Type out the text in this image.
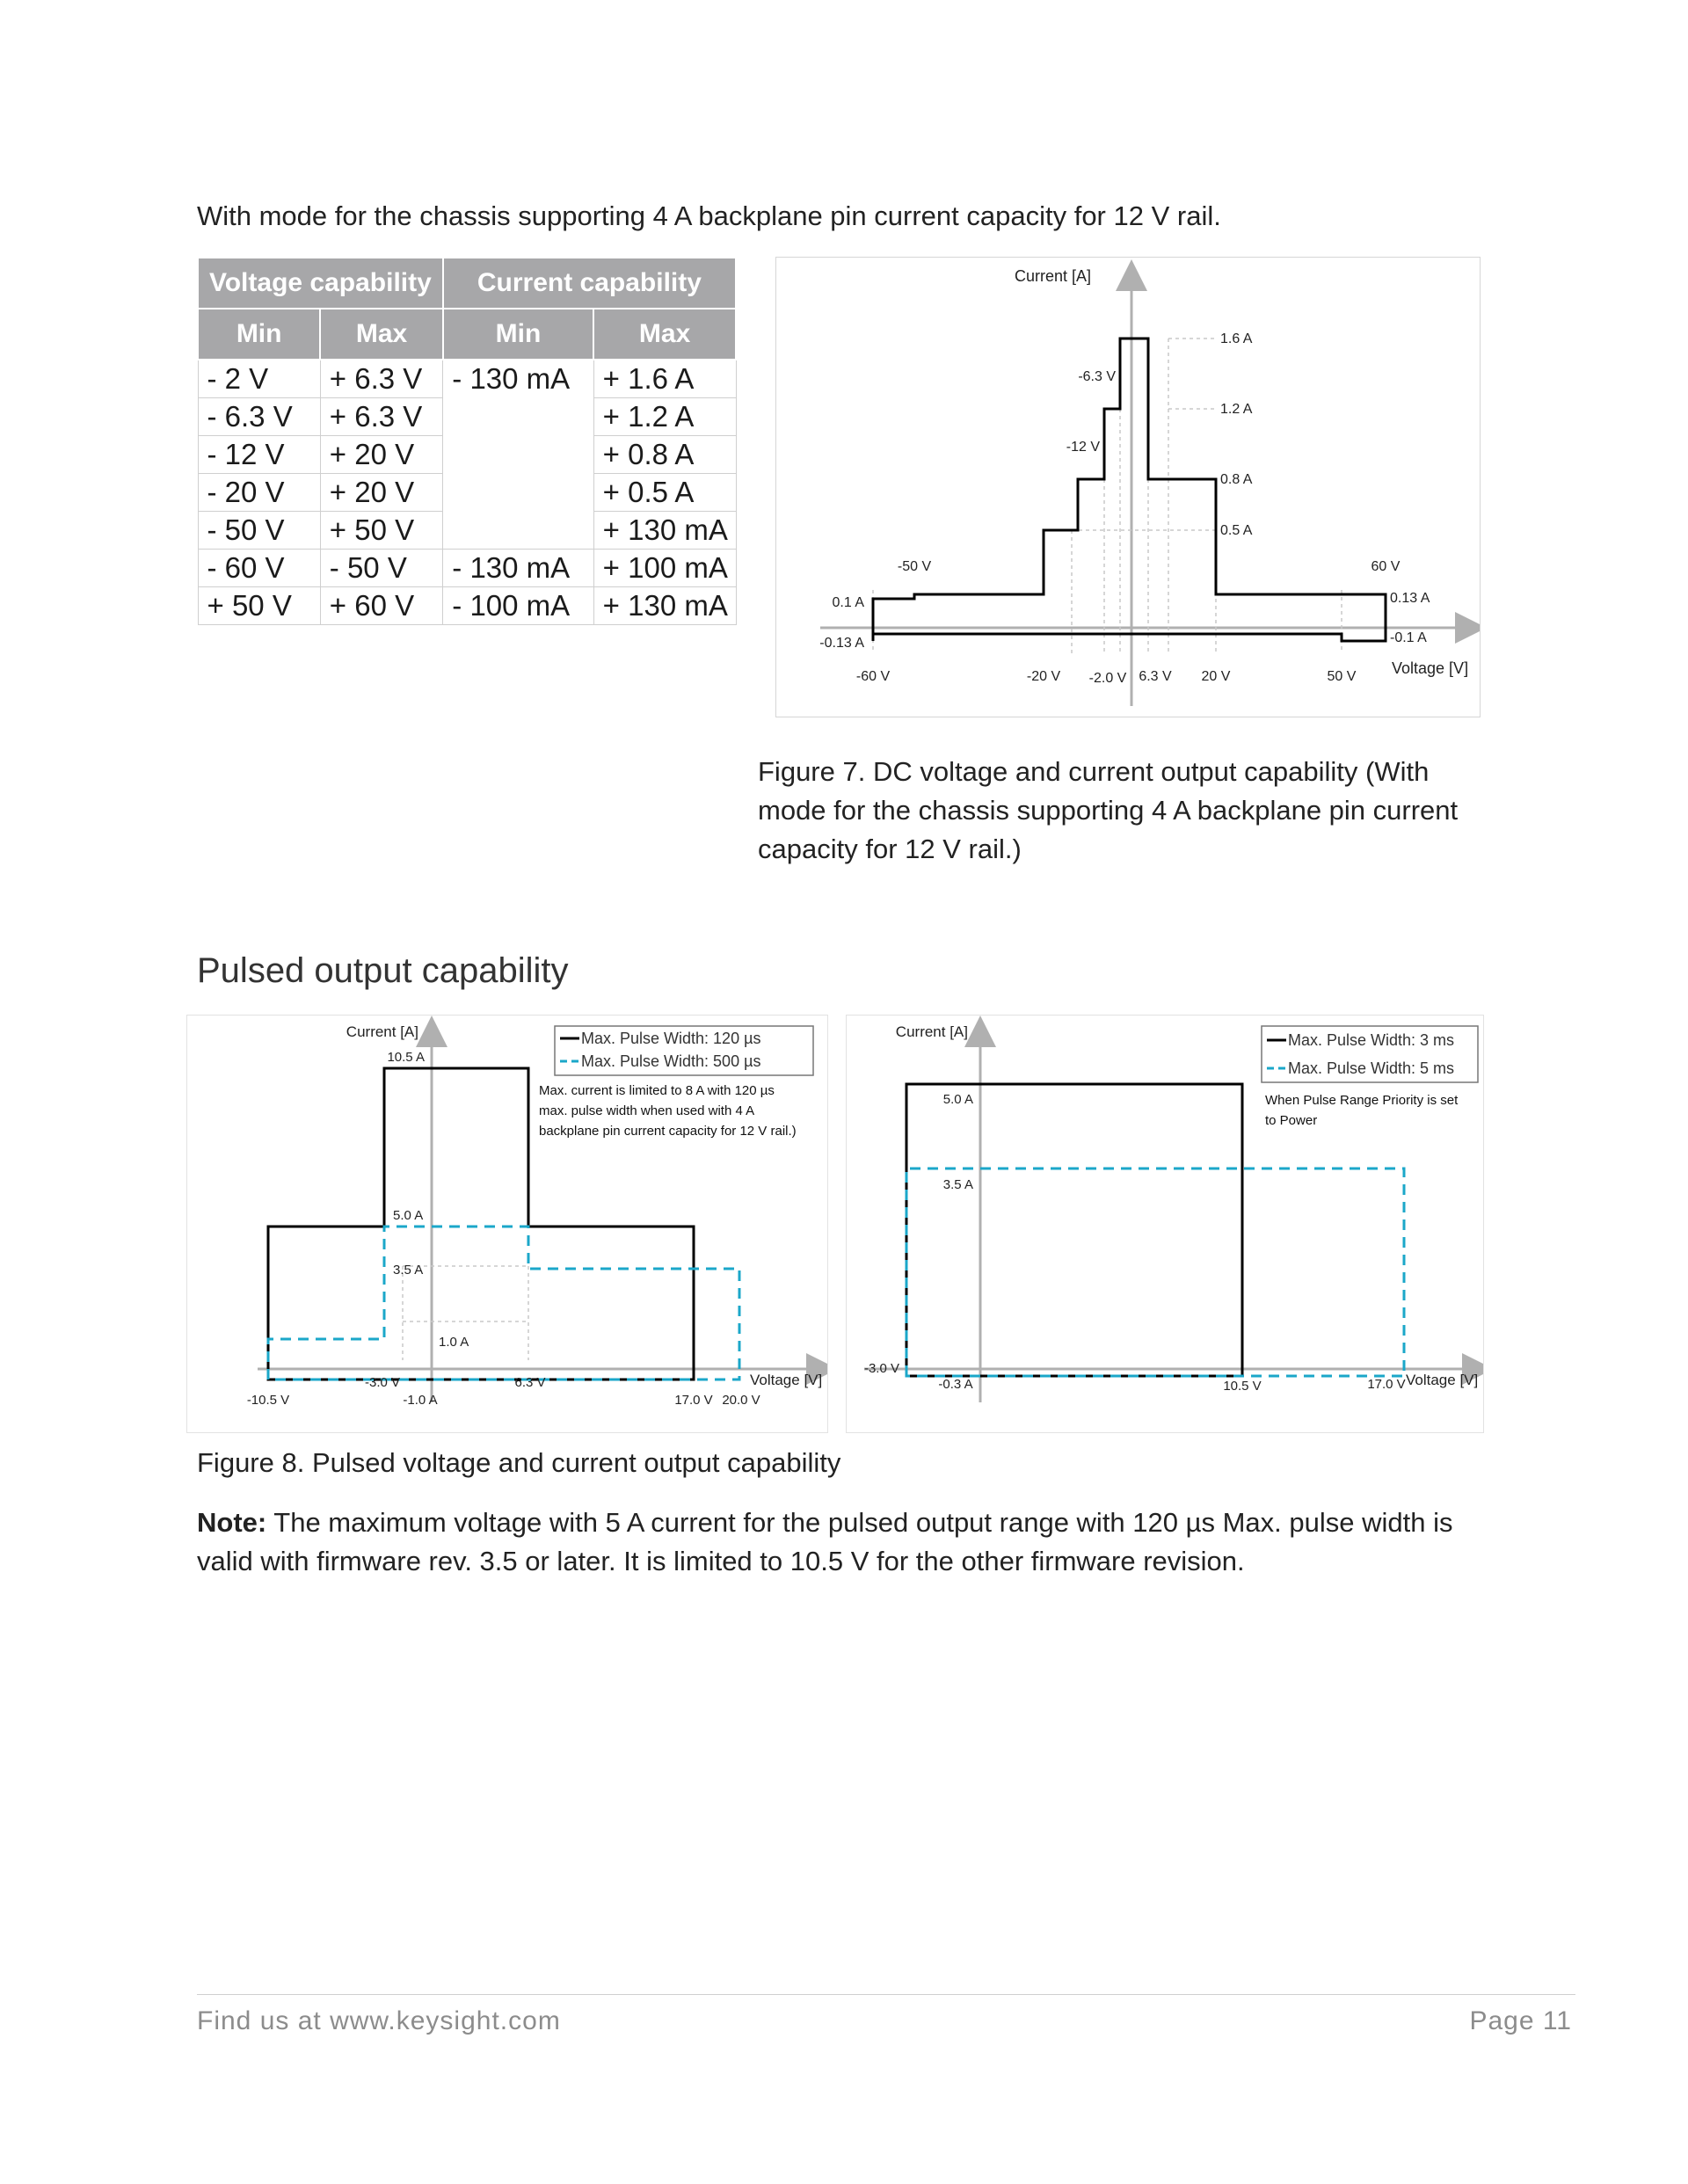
With mode for the chassis supporting 4 A backplane pin current capacity for 12 V rail.
Voltage capability		Current capability	
Min	Max	Min	Max
- 2 V	+ 6.3 V	- 130 mA	+ 1.6 A
- 6.3 V	+ 6.3 V		+ 1.2 A
- 12 V	+ 20 V		+ 0.8 A
- 20 V	+ 20 V		+ 0.5 A
- 50 V	+ 50 V		+ 130 mA
- 60 V	- 50 V	- 130 mA	+ 100 mA
+ 50 V	+ 60 V	- 100 mA	+ 130 mA
Current [A]
Voltage [V]
1.6 A
1.2 A
0.8 A
0.5 A
0.13 A
0.1 A
-0.1 A
-0.13 A
-6.3 V
-12 V
-50 V	60 V
-60 V	-20 V -2.0 V 6.3 V 20 V	50 V
Figure 7. DC voltage and current output capability (With mode for the chassis supporting 4 A backplane pin current capacity for 12 V rail.)
Pulsed output capability
Current [A]
Voltage [V]
Max. Pulse Width: 120 µs
Max. Pulse Width: 500 µs
Max. current is limited to 8 A with 120 µs
max. pulse width when used with 4 A
backplane pin current capacity for 12 V rail.)
10.5 A
5.0 A
3.5 A
1.0 A
-1.0 A
-3.0 V	6.3 V
-10.5 V	17.0 V 20.0 V
Current [A]
Voltage [V]
Max. Pulse Width: 3 ms
Max. Pulse Width: 5 ms
When Pulse Range Priority is set
to Power
5.0 A
3.5 A
-0.3 A
-3.0 V
10.5 V	17.0 V
Figure 8. Pulsed voltage and current output capability
Note: The maximum voltage with 5 A current for the pulsed output range with 120 µs Max. pulse width is valid with firmware rev. 3.5 or later. It is limited to 10.5 V for the other firmware revision.
Find us at www.keysight.com	Page 11
